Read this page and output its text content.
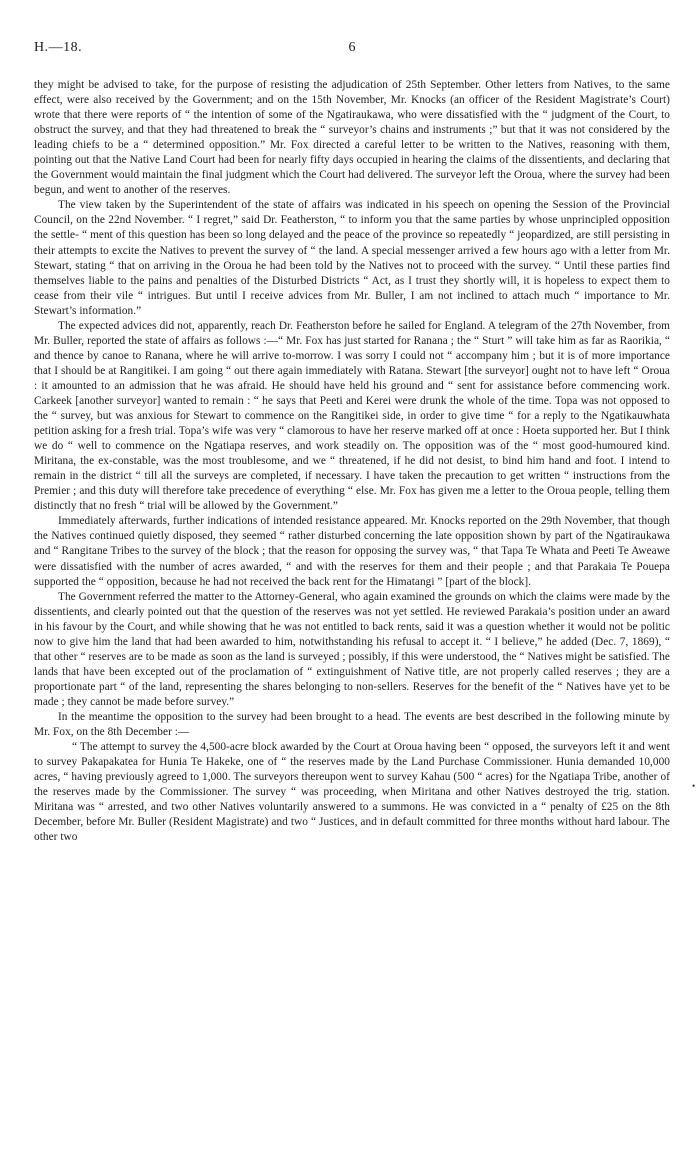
H.—18.	6

they might be advised to take, for the purpose of resisting the adjudication of 25th September. Other letters from Natives, to the same effect, were also received by the Government; and on the 15th November, Mr. Knocks (an officer of the Resident Magistrate’s Court) wrote that there were reports of “ the intention of some of the Ngatiraukawa, who were dissatisfied with the “ judgment of the Court, to obstruct the survey, and that they had threatened to break the “ surveyor’s chains and instruments ;” but that it was not considered by the leading chiefs to be a “ determined opposition.” Mr. Fox directed a careful letter to be written to the Natives, reasoning with them, pointing out that the Native Land Court had been for nearly fifty days occupied in hearing the claims of the dissentients, and declaring that the Government would maintain the final judgment which the Court had delivered. The surveyor left the Oroua, where the survey had been begun, and went to another of the reserves.

The view taken by the Superintendent of the state of affairs was indicated in his speech on opening the Session of the Provincial Council, on the 22nd November. “ I regret,” said Dr. Featherston, “ to inform you that the same parties by whose unprincipled opposition the settle- “ ment of this question has been so long delayed and the peace of the province so repeatedly “ jeopardized, are still persisting in their attempts to excite the Natives to prevent the survey of “ the land. A special messenger arrived a few hours ago with a letter from Mr. Stewart, stating “ that on arriving in the Oroua he had been told by the Natives not to proceed with the survey. “ Until these parties find themselves liable to the pains and penalties of the Disturbed Districts “ Act, as I trust they shortly will, it is hopeless to expect them to cease from their vile “ intrigues. But until I receive advices from Mr. Buller, I am not inclined to attach much “ importance to Mr. Stewart’s information.”

The expected advices did not, apparently, reach Dr. Featherston before he sailed for England. A telegram of the 27th November, from Mr. Buller, reported the state of affairs as follows :—“ Mr. Fox has just started for Ranana ; the “ Sturt ” will take him as far as Raorikia, “ and thence by canoe to Ranana, where he will arrive to-morrow. I was sorry I could not “ accompany him ; but it is of more importance that I should be at Rangitikei. I am going “ out there again immediately with Ratana. Stewart [the surveyor] ought not to have left “ Oroua : it amounted to an admission that he was afraid. He should have held his ground and “ sent for assistance before commencing work. Carkeek [another surveyor] wanted to remain : “ he says that Peeti and Kerei were drunk the whole of the time. Topa was not opposed to the “ survey, but was anxious for Stewart to commence on the Rangitikei side, in order to give time “ for a reply to the Ngatikauwhata petition asking for a fresh trial. Topa’s wife was very “ clamorous to have her reserve marked off at once : Hoeta supported her. But I think we do “ well to commence on the Ngatiapa reserves, and work steadily on. The opposition was of the “ most good-humoured kind. Miritana, the ex-constable, was the most troublesome, and we “ threatened, if he did not desist, to bind him hand and foot. I intend to remain in the district “ till all the surveys are completed, if necessary. I have taken the precaution to get written “ instructions from the Premier ; and this duty will therefore take precedence of everything “ else. Mr. Fox has given me a letter to the Oroua people, telling them distinctly that no fresh “ trial will be allowed by the Government.”

Immediately afterwards, further indications of intended resistance appeared. Mr. Knocks reported on the 29th November, that though the Natives continued quietly disposed, they seemed “ rather disturbed concerning the late opposition shown by part of the Ngatiraukawa and “ Rangitane Tribes to the survey of the block ; that the reason for opposing the survey was, “ that Tapa Te Whata and Peeti Te Aweawe were dissatisfied with the number of acres awarded, “ and with the reserves for them and their people ; and that Parakaia Te Pouepa supported the “ opposition, because he had not received the back rent for the Himatangi ” [part of the block].

The Government referred the matter to the Attorney-General, who again examined the grounds on which the claims were made by the dissentients, and clearly pointed out that the question of the reserves was not yet settled. He reviewed Parakaia’s position under an award in his favour by the Court, and while showing that he was not entitled to back rents, said it was a question whether it would not be politic now to give him the land that had been awarded to him, notwithstanding his refusal to accept it. “ I believe,” he added (Dec. 7, 1869), “ that other “ reserves are to be made as soon as the land is surveyed ; possibly, if this were understood, the “ Natives might be satisfied. The lands that have been excepted out of the proclamation of “ extinguishment of Native title, are not properly called reserves ; they are a proportionate part “ of the land, representing the shares belonging to non-sellers. Reserves for the benefit of the “ Natives have yet to be made ; they cannot be made before survey.”

In the meantime the opposition to the survey had been brought to a head. The events are best described in the following minute by Mr. Fox, on the 8th December :—

“ The attempt to survey the 4,500-acre block awarded by the Court at Oroua having been “ opposed, the surveyors left it and went to survey Pakapakatea for Hunia Te Hakeke, one of “ the reserves made by the Land Purchase Commissioner. Hunia demanded 10,000 acres, “ having previously agreed to 1,000. The surveyors thereupon went to survey Kahau (500 “ acres) for the Ngatiapa Tribe, another of the reserves made by the Commissioner. The survey “ was proceeding, when Miritana and other Natives destroyed the trig. station. Miritana was “ arrested, and two other Natives voluntarily answered to a summons. He was convicted in a “ penalty of £25 on the 8th December, before Mr. Buller (Resident Magistrate) and two “ Justices, and in default committed for three months without hard labour. The other two

•
